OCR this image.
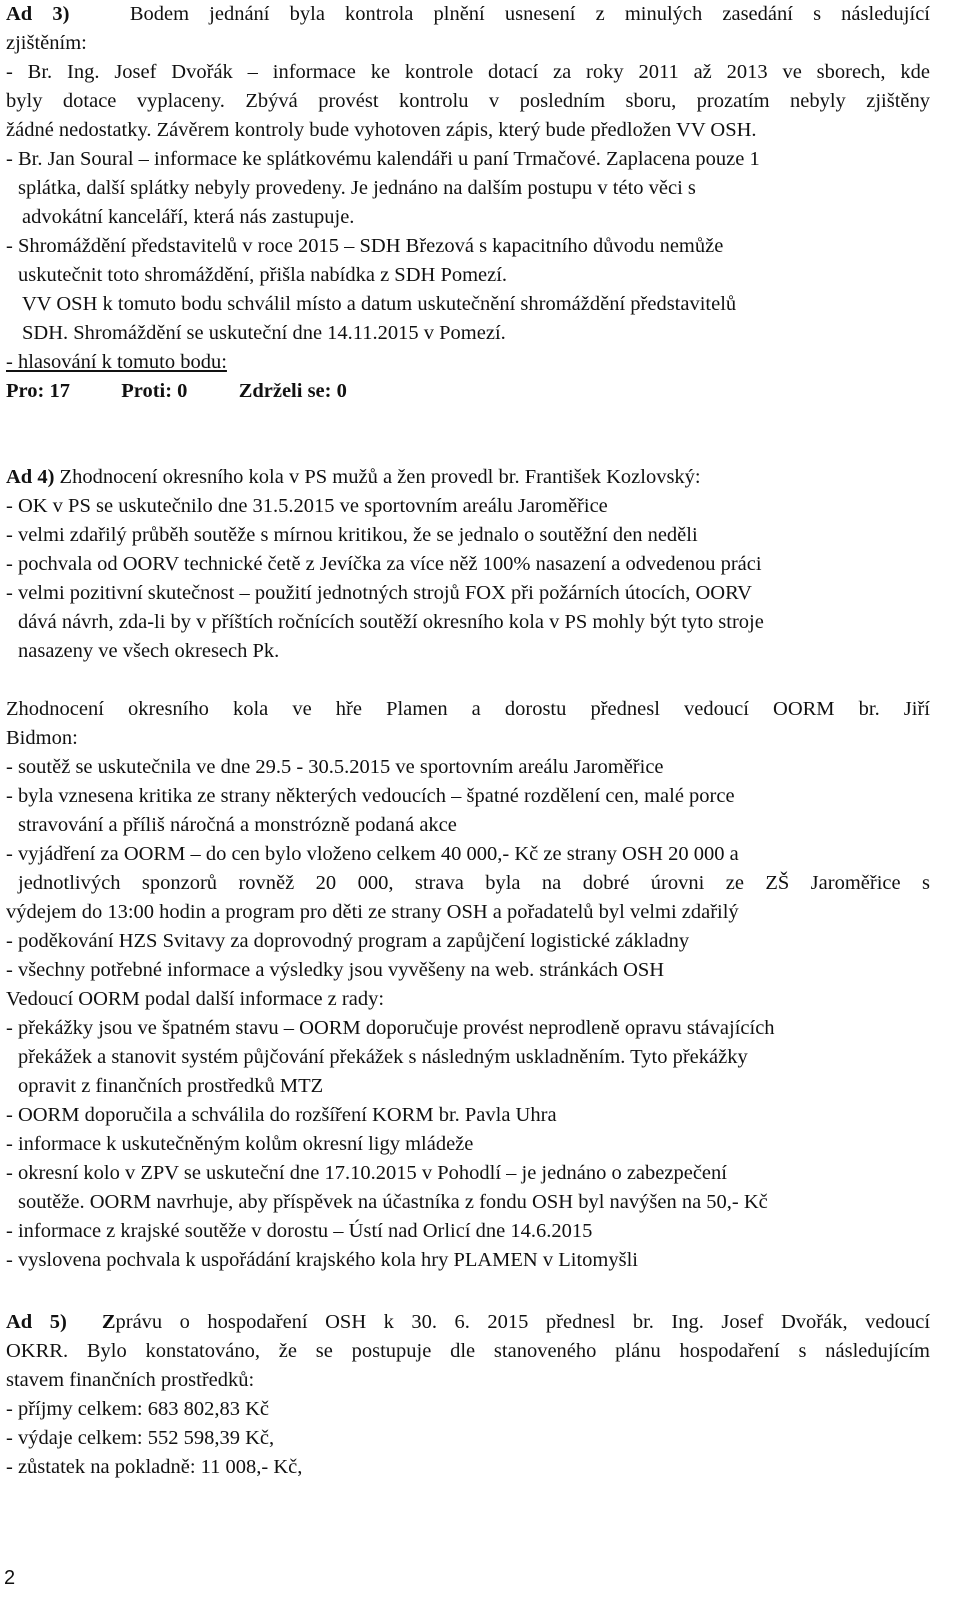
Ad 3)	Bodem jednání byla kontrola plnění usnesení z minulých zasedání s následující

zjištěním:

- Br. Ing. Josef Dvořák – informace ke kontrole dotací za roky 2011 až 2013 ve sborech, kde

byly dotace vyplaceny. Zbývá provést kontrolu v posledním sboru, prozatím nebyly zjištěny

žádné nedostatky. Závěrem kontroly bude vyhotoven zápis, který bude předložen VV OSH.

- Br. Jan Soural – informace ke splátkovému kalendáři u paní Trmačové. Zaplacena pouze 1

splátka, další splátky nebyly provedeny. Je jednáno na dalším postupu v této věci s

advokátní kanceláří, která nás zastupuje.

- Shromáždění představitelů v roce 2015 – SDH Březová s kapacitního důvodu nemůže

uskutečnit toto shromáždění, přišla nabídka z SDH Pomezí.

VV OSH k tomuto bodu schválil místo a datum uskutečnění shromáždění představitelů

SDH. Shromáždění se uskuteční dne 14.11.2015 v Pomezí.

- hlasování k tomuto bodu:

Pro: 17	Proti: 0	Zdrželi se: 0

Ad 4) Zhodnocení okresního kola v PS mužů a žen provedl br. František Kozlovský:

- OK v PS se uskutečnilo dne 31.5.2015 ve sportovním areálu Jaroměřice

- velmi zdařilý průběh soutěže s mírnou kritikou, že se jednalo o soutěžní den neděli

- pochvala od OORV technické četě z Jevíčka za více něž 100% nasazení a odvedenou práci

- velmi pozitivní skutečnost – použití jednotných strojů FOX při požárních útocích, OORV

dává návrh, zda-li by v příštích ročnících soutěží okresního kola v PS mohly být tyto stroje

nasazeny ve všech okresech Pk.

Zhodnocení okresního kola ve hře Plamen a dorostu přednesl vedoucí OORM br. Jiří

Bidmon:

- soutěž se uskutečnila ve dne 29.5 - 30.5.2015 ve sportovním areálu Jaroměřice

- byla vznesena kritika ze strany některých vedoucích – špatné rozdělení cen, malé porce

stravování a příliš náročná a monstrózně podaná akce

- vyjádření za OORM – do cen bylo vloženo celkem 40 000,- Kč ze strany OSH 20 000 a

jednotlivých sponzorů rovněž 20 000, strava byla na dobré úrovni ze ZŠ Jaroměřice s

výdejem do 13:00 hodin a program pro děti ze strany OSH a pořadatelů byl velmi zdařilý

- poděkování HZS Svitavy za doprovodný program a zapůjčení logistické základny

- všechny potřebné informace a výsledky jsou vyvěšeny na web. stránkách OSH

Vedoucí OORM podal další informace z rady:

- překážky jsou ve špatném stavu – OORM doporučuje provést neprodleně opravu stávajících

překážek a stanovit systém půjčování překážek s následným uskladněním. Tyto překážky

opravit z finančních prostředků MTZ

- OORM doporučila a schválila do rozšíření KORM br. Pavla Uhra

- informace k uskutečněným kolům okresní ligy mládeže

- okresní kolo v ZPV se uskuteční dne 17.10.2015 v Pohodlí – je jednáno o zabezpečení

soutěže. OORM navrhuje, aby příspěvek na účastníka z fondu OSH byl navýšen na 50,- Kč

- informace z krajské soutěže v dorostu – Ústí nad Orlicí dne 14.6.2015

- vyslovena pochvala k uspořádání krajského kola hry PLAMEN v Litomyšli

Ad 5) Zprávu o hospodaření OSH k 30. 6. 2015 přednesl br. Ing. Josef Dvořák, vedoucí

OKRR. Bylo konstatováno, že se postupuje dle stanoveného plánu hospodaření s následujícím

stavem finančních prostředků:

- příjmy celkem: 683 802,83 Kč

- výdaje celkem: 552 598,39 Kč,

- zůstatek na pokladně: 11 008,- Kč,

2
